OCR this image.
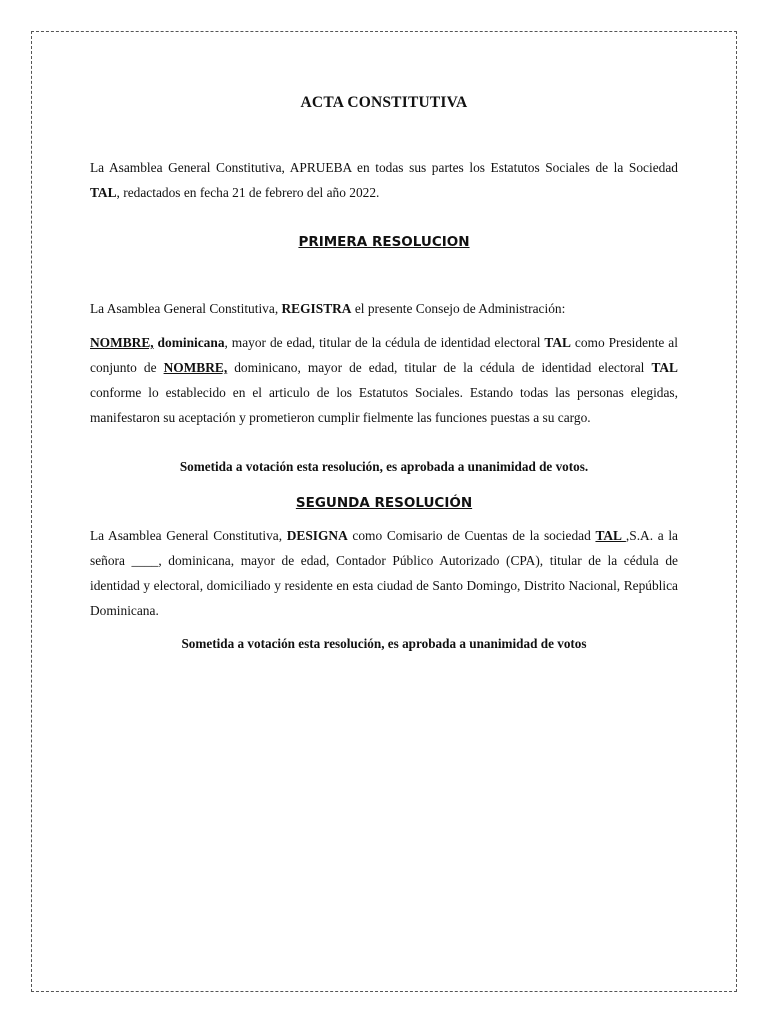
ACTA CONSTITUTIVA

La Asamblea General Constitutiva, APRUEBA en todas sus partes los Estatutos Sociales de la Sociedad TAL, redactados en fecha 21 de febrero del año 2022.

PRIMERA RESOLUCION

La Asamblea General Constitutiva, REGISTRA el presente Consejo de Administración:

NOMBRE, dominicana, mayor de edad, titular de la cédula de identidad electoral TAL como Presidente al conjunto de NOMBRE, dominicano, mayor de edad, titular de la cédula de identidad electoral TAL conforme lo establecido en el articulo de los Estatutos Sociales. Estando todas las personas elegidas, manifestaron su aceptación y prometieron cumplir fielmente las funciones puestas a su cargo.

Sometida a votación esta resolución, es aprobada a unanimidad de votos.
SEGUNDA RESOLUCIÓN

La Asamblea General Constitutiva, DESIGNA como Comisario de Cuentas de la sociedad TAL ,S.A. a la señora ____, dominicana, mayor de edad, Contador Público Autorizado (CPA), titular de la cédula de identidad y electoral, domiciliado y residente en esta ciudad de Santo Domingo, Distrito Nacional, República Dominicana.

Sometida a votación esta resolución, es aprobada a unanimidad de votos
